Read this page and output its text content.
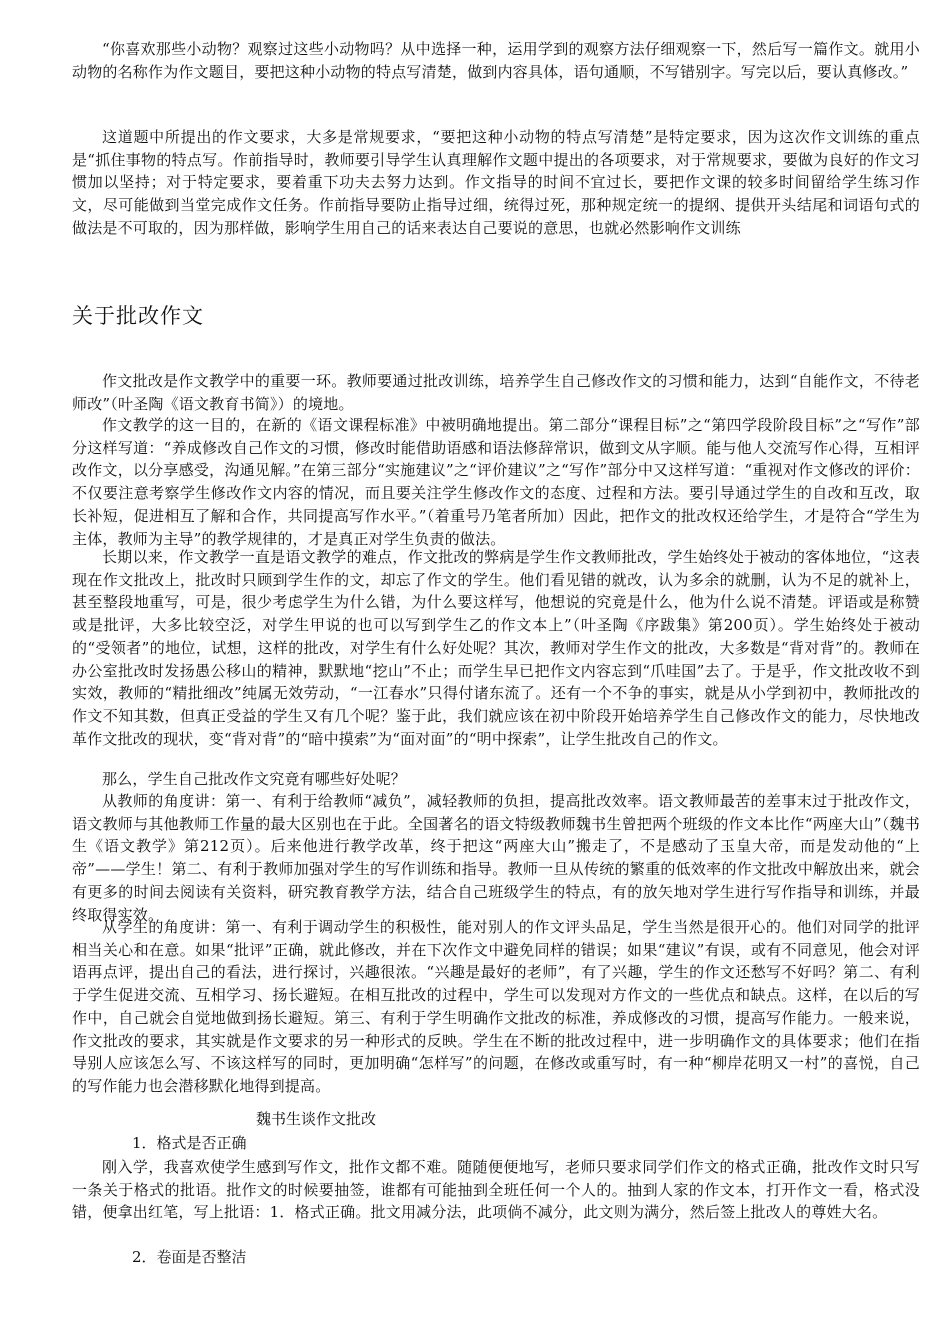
“你喜欢那些小动物？观察过这些小动物吗？从中选择一种，运用学到的观察方法仔细观察一下，然后写一篇作文。就用小动物的名称作为作文题目，要把这种小动物的特点写清楚，做到内容具体，语句通顺，不写错别字。写完以后，要认真修改。”

这道题中所提出的作文要求，大多是常规要求，“要把这种小动物的特点写清楚”是特定要求，因为这次作文训练的重点是“抓住事物的特点写。作前指导时，教师要引导学生认真理解作文题中提出的各项要求，对于常规要求，要做为良好的作文习惯加以坚持；对于特定要求，要着重下功夫去努力达到。作文指导的时间不宜过长，要把作文课的较多时间留给学生练习作文，尽可能做到当堂完成作文任务。作前指导要防止指导过细，统得过死，那种规定统一的提纲、提供开头结尾和词语句式的做法是不可取的，因为那样做，影响学生用自己的话来表达自己要说的意思，也就必然影响作文训练

关于批改作文

作文批改是作文教学中的重要一环。教师要通过批改训练，培养学生自己修改作文的习惯和能力，达到“自能作文，不待老师改”（叶圣陶《语文教育书简》）的境地。

作文教学的这一目的，在新的《语文课程标准》中被明确地提出。第二部分“课程目标”之“第四学段阶段目标”之“写作”部分这样写道：“养成修改自己作文的习惯，修改时能借助语感和语法修辞常识，做到文从字顺。能与他人交流写作心得，互相评改作文，以分享感受，沟通见解。”在第三部分“实施建议”之“评价建议”之“写作”部分中又这样写道：“重视对作文修改的评价：不仅要注意考察学生修改作文内容的情况，而且要关注学生修改作文的态度、过程和方法。要引导通过学生的自改和互改，取长补短，促进相互了解和合作，共同提高写作水平。”（着重号乃笔者所加）因此，把作文的批改权还给学生，才是符合“学生为主体，教师为主导”的教学规律的，才是真正对学生负责的做法。

长期以来，作文教学一直是语文教学的难点，作文批改的弊病是学生作文教师批改，学生始终处于被动的客体地位，“这表现在作文批改上，批改时只顾到学生作的文，却忘了作文的学生。他们看见错的就改，认为多余的就删，认为不足的就补上，甚至整段地重写，可是，很少考虑学生为什么错，为什么要这样写，他想说的究竟是什么，他为什么说不清楚。评语或是称赞或是批评，大多比较空泛，对学生甲说的也可以写到学生乙的作文本上”（叶圣陶《序跋集》第200页）。学生始终处于被动的“受领者”的地位，试想，这样的批改，对学生有什么好处呢？其次，教师对学生作文的批改，大多数是“背对背”的。教师在办公室批改时发扬愚公移山的精神，默默地“挖山”不止；而学生早已把作文内容忘到“爪哇国”去了。于是乎，作文批改收不到实效，教师的“精批细改”纯属无效劳动，“一江春水”只得付诸东流了。还有一个不争的事实，就是从小学到初中，教师批改的作文不知其数，但真正受益的学生又有几个呢？鉴于此，我们就应该在初中阶段开始培养学生自己修改作文的能力，尽快地改革作文批改的现状，变“背对背”的“暗中摸索”为“面对面”的“明中探索”，让学生批改自己的作文。

那么，学生自己批改作文究竟有哪些好处呢？

从教师的角度讲：第一、有利于给教师“减负”，减轻教师的负担，提高批改效率。语文教师最苦的差事末过于批改作文，语文教师与其他教师工作量的最大区别也在于此。全国著名的语文特级教师魏书生曾把两个班级的作文本比作“两座大山”（魏书生《语文教学》第212页）。后来他进行教学改革，终于把这“两座大山”搬走了，不是感动了玉皇大帝，而是发动他的“上帝”——学生！第二、有利于教师加强对学生的写作训练和指导。教师一旦从传统的繁重的低效率的作文批改中解放出来，就会有更多的时间去阅读有关资料，研究教育教学方法，结合自己班级学生的特点，有的放矢地对学生进行写作指导和训练，并最终取得实效。

从学生的角度讲：第一、有利于调动学生的积极性，能对别人的作文评头品足，学生当然是很开心的。他们对同学的批评相当关心和在意。如果“批评”正确，就此修改，并在下次作文中避免同样的错误；如果“建议”有误，或有不同意见，他会对评语再点评，提出自己的看法，进行探讨，兴趣很浓。“兴趣是最好的老师”，有了兴趣，学生的作文还愁写不好吗？第二、有利于学生促进交流、互相学习、扬长避短。在相互批改的过程中，学生可以发现对方作文的一些优点和缺点。这样，在以后的写作中，自己就会自觉地做到扬长避短。第三、有利于学生明确作文批改的标准，养成修改的习惯，提高写作能力。一般来说，作文批改的要求，其实就是作文要求的另一种形式的反映。学生在不断的批改过程中，进一步明确作文的具体要求；他们在指导别人应该怎么写、不该这样写的同时，更加明确“怎样写”的问题，在修改或重写时，有一种“柳岸花明又一村”的喜悦，自己的写作能力也会潜移默化地得到提高。

魏书生谈作文批改

1．格式是否正确

刚入学，我喜欢使学生感到写作文，批作文都不难。随随便便地写，老师只要求同学们作文的格式正确，批改作文时只写一条关于格式的批语。批作文的时候要抽签，谁都有可能抽到全班任何一个人的。抽到人家的作文本，打开作文一看，格式没错，便拿出红笔，写上批语：1．格式正确。批文用减分法，此项倘不减分，此文则为满分，然后签上批改人的尊姓大名。

2．卷面是否整洁
